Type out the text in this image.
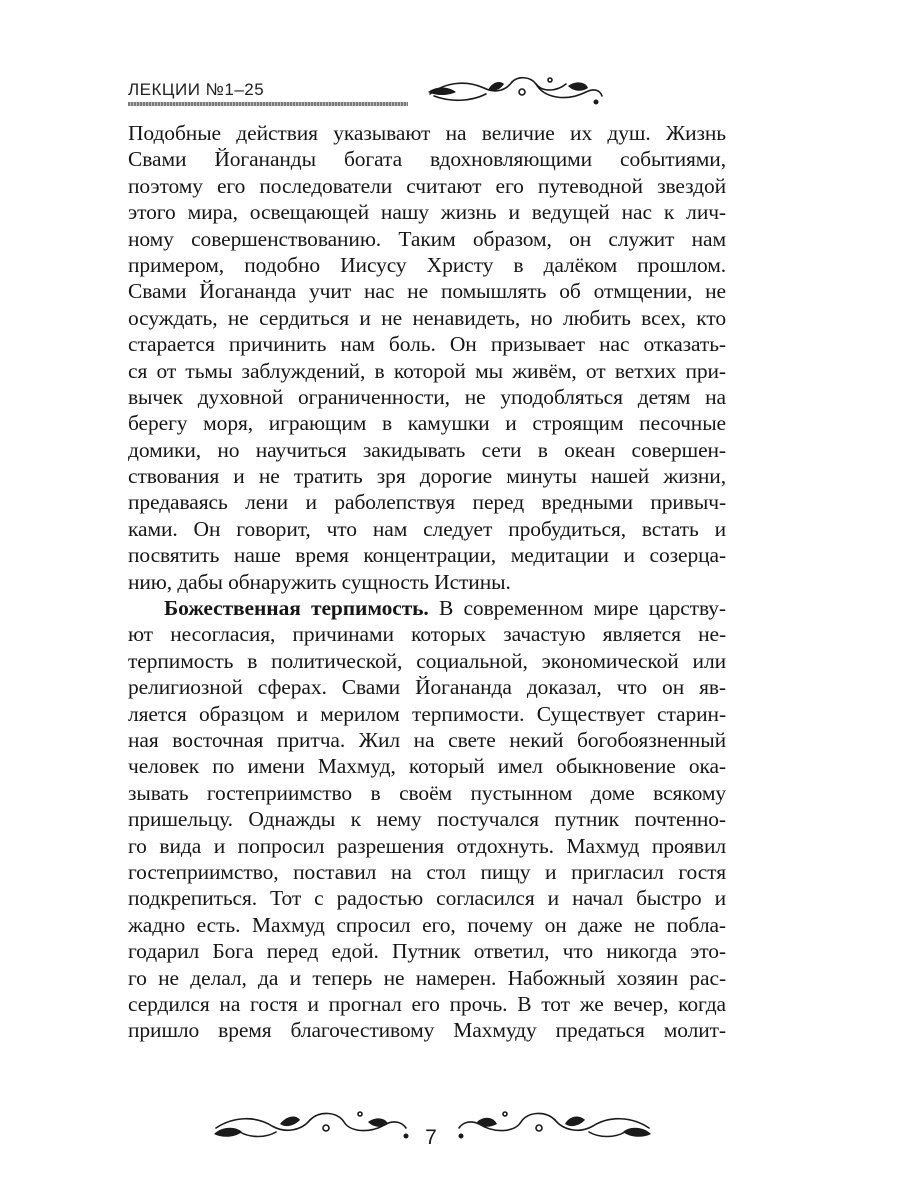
ЛЕКЦИИ №1–25

Подобные действия указывают на величие их душ. Жизнь
Свами Йогананды богата вдохновляющими событиями,
поэтому его последователи считают его путеводной звездой
этого мира, освещающей нашу жизнь и ведущей нас к лич-
ному совершенствованию. Таким образом, он служит нам
примером, подобно Иисусу Христу в далёком прошлом.
Свами Йогананда учит нас не помышлять об отмщении, не
осуждать, не сердиться и не ненавидеть, но любить всех, кто
старается причинить нам боль. Он призывает нас отказать-
ся от тьмы заблуждений, в которой мы живём, от ветхих при-
вычек духовной ограниченности, не уподобляться детям на
берегу моря, играющим в камушки и строящим песочные
домики, но научиться закидывать сети в океан совершен-
ствования и не тратить зря дорогие минуты нашей жизни,
предаваясь лени и раболепствуя перед вредными привыч-
ками. Он говорит, что нам следует пробудиться, встать и
посвятить наше время концентрации, медитации и созерца-
нию, дабы обнаружить сущность Истины.

Божественная терпимость. В современном мире царству-
ют несогласия, причинами которых зачастую является не-
терпимость в политической, социальной, экономической или
религиозной сферах. Свами Йогананда доказал, что он яв-
ляется образцом и мерилом терпимости. Существует старин-
ная восточная притча. Жил на свете некий богобоязненный
человек по имени Махмуд, который имел обыкновение ока-
зывать гостеприимство в своём пустынном доме всякому
пришельцу. Однажды к нему постучался путник почтенно-
го вида и попросил разрешения отдохнуть. Махмуд проявил
гостеприимство, поставил на стол пищу и пригласил гостя
подкрепиться. Тот с радостью согласился и начал быстро и
жадно есть. Махмуд спросил его, почему он даже не побла-
годарил Бога перед едой. Путник ответил, что никогда это-
го не делал, да и теперь не намерен. Набожный хозяин рас-
сердился на гостя и прогнал его прочь. В тот же вечер, когда
пришло время благочестивому Махмуду предаться молит-

7
